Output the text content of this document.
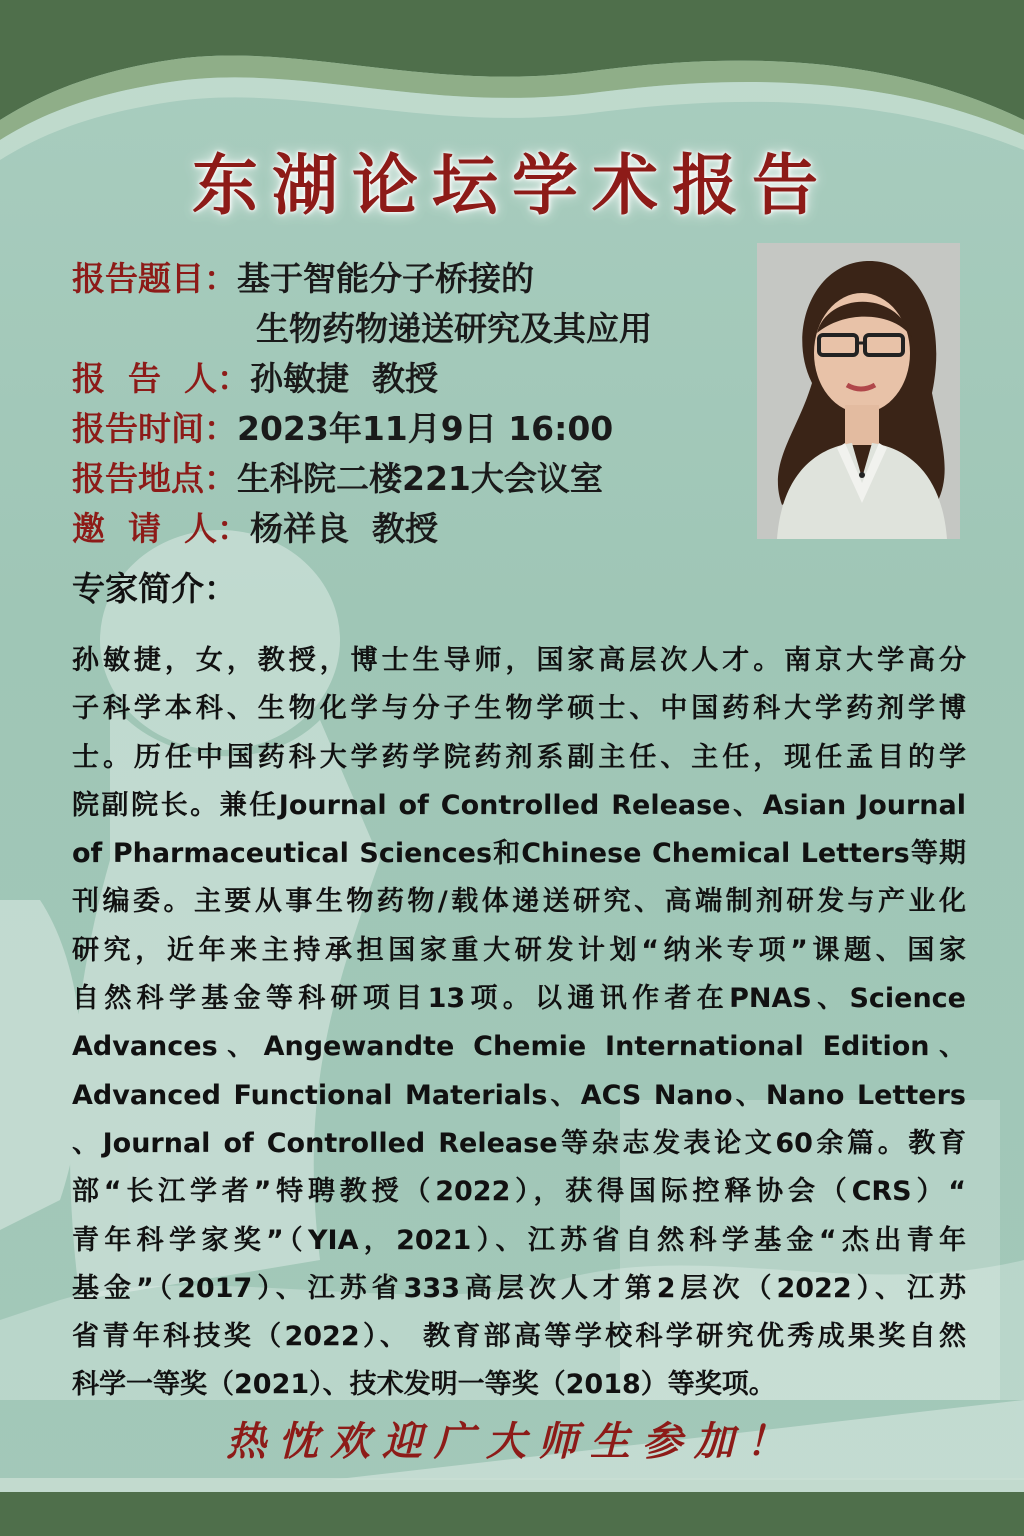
东湖论坛学术报告
报告题目：基于智能分子桥接的
生物药物递送研究及其应用
报  告  人：孙敏捷  教授
报告时间：2023年11月9日 16:00
报告地点：生科院二楼221大会议室
邀  请  人：杨祥良  教授
专家简介：
孙敏捷，女，教授，博士生导师，国家高层次人才。南京大学高分
子科学本科、生物化学与分子生物学硕士、中国药科大学药剂学博
士。历任中国药科大学药学院药剂系副主任、主任，现任孟目的学
院副院长。兼任Journal of Controlled Release、Asian Journal
of Pharmaceutical Sciences和Chinese Chemical Letters等期
刊编委。主要从事生物药物/载体递送研究、高端制剂研发与产业化
研究，近年来主持承担国家重大研发计划“纳米专项”课题、国家
自然科学基金等科研项目13项。以通讯作者在PNAS、Science
Advances、Angewandte Chemie International Edition、
Advanced Functional Materials、ACS Nano、Nano Letters
、Journal of Controlled Release等杂志发表论文60余篇。教育
部“长江学者”特聘教授（2022），获得国际控释协会（CRS）“
青年科学家奖”（YIA，2021）、江苏省自然科学基金“杰出青年
基金”（2017）、江苏省333高层次人才第2层次（2022）、江苏
省青年科技奖（2022）、 教育部高等学校科学研究优秀成果奖自然
科学一等奖（2021）、技术发明一等奖（2018）等奖项。
热忱欢迎广大师生参加！
